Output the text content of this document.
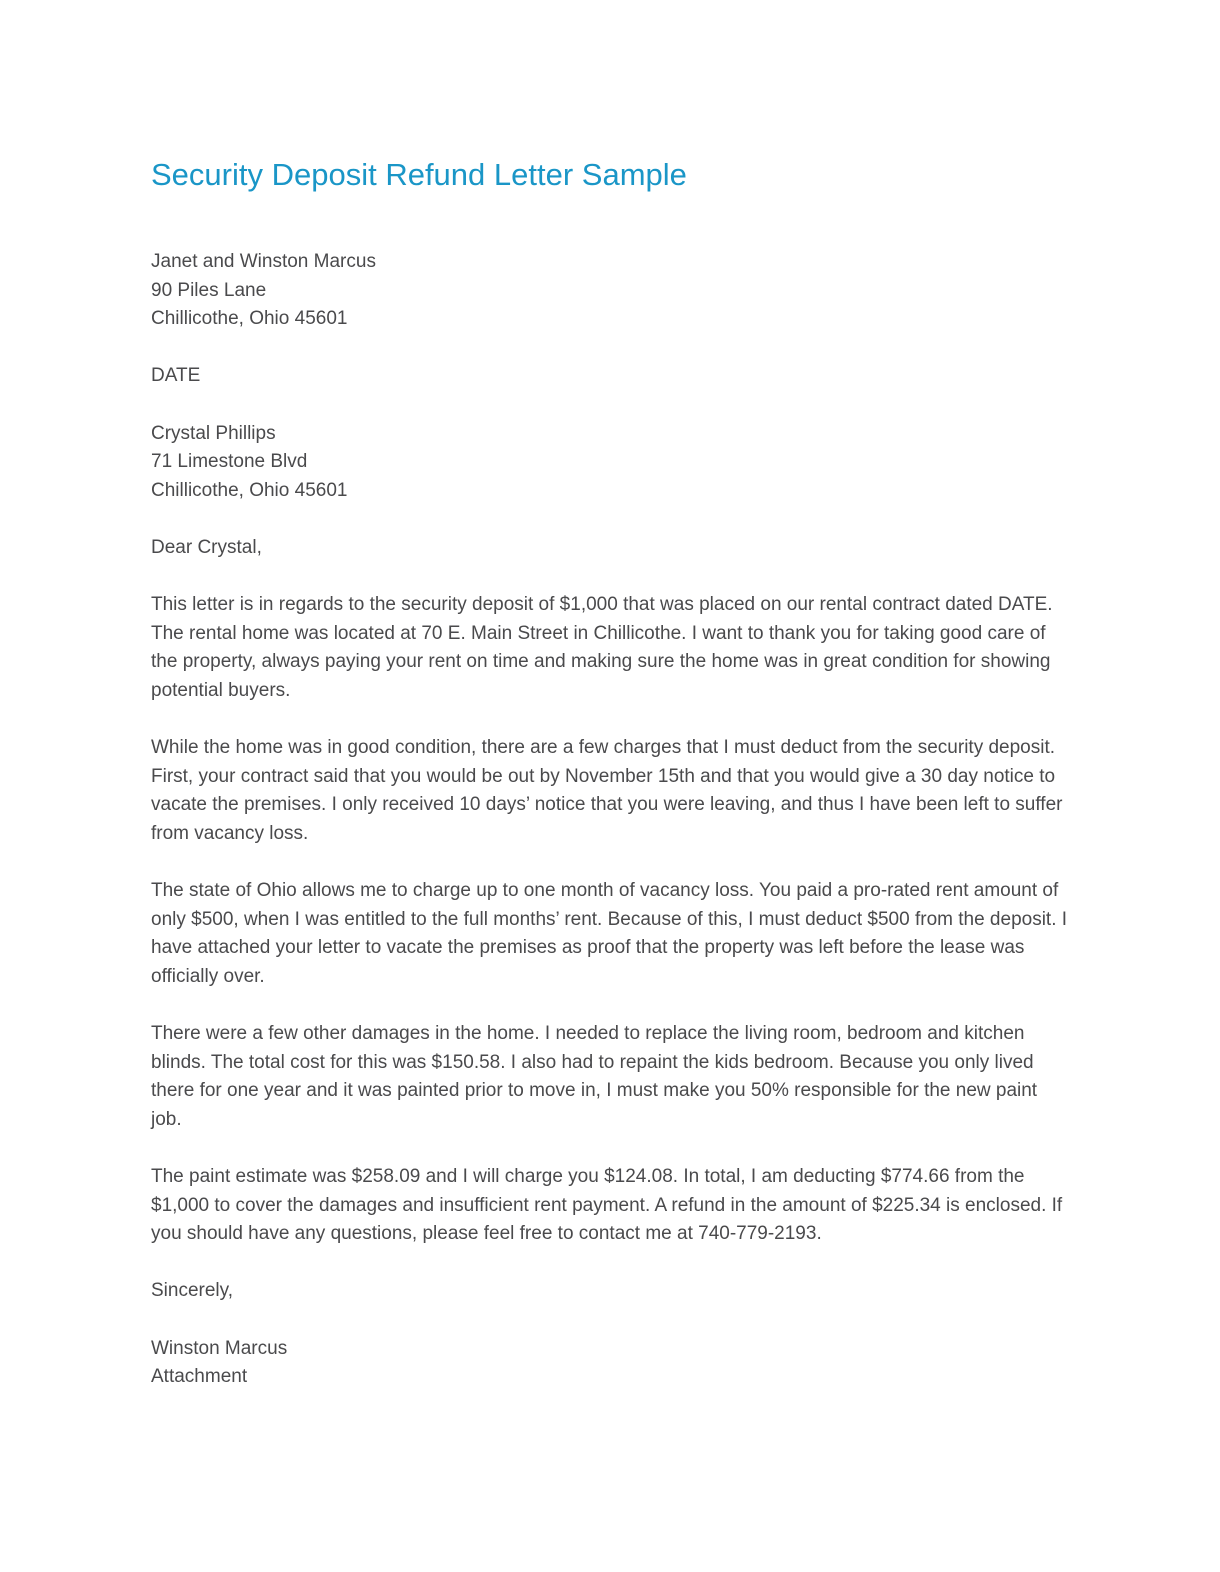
Security Deposit Refund Letter Sample
Janet and Winston Marcus
90 Piles Lane
Chillicothe, Ohio 45601
DATE
Crystal Phillips
71 Limestone Blvd
Chillicothe, Ohio 45601
Dear Crystal,

This letter is in regards to the security deposit of $1,000 that was placed on our rental contract dated DATE. The rental home was located at 70 E. Main Street in Chillicothe. I want to thank you for taking good care of the property, always paying your rent on time and making sure the home was in great condition for showing potential buyers.

While the home was in good condition, there are a few charges that I must deduct from the security deposit. First, your contract said that you would be out by November 15th and that you would give a 30 day notice to vacate the premises. I only received 10 days’ notice that you were leaving, and thus I have been left to suffer from vacancy loss.

The state of Ohio allows me to charge up to one month of vacancy loss. You paid a pro-rated rent amount of only $500, when I was entitled to the full months’ rent. Because of this, I must deduct $500 from the deposit. I have attached your letter to vacate the premises as proof that the property was left before the lease was officially over.

There were a few other damages in the home. I needed to replace the living room, bedroom and kitchen blinds. The total cost for this was $150.58. I also had to repaint the kids bedroom. Because you only lived there for one year and it was painted prior to move in, I must make you 50% responsible for the new paint job.

The paint estimate was $258.09 and I will charge you $124.08. In total, I am deducting $774.66 from the $1,000 to cover the damages and insufficient rent payment. A refund in the amount of $225.34 is enclosed. If you should have any questions, please feel free to contact me at 740-779-2193.

Sincerely,
Winston Marcus
Attachment
